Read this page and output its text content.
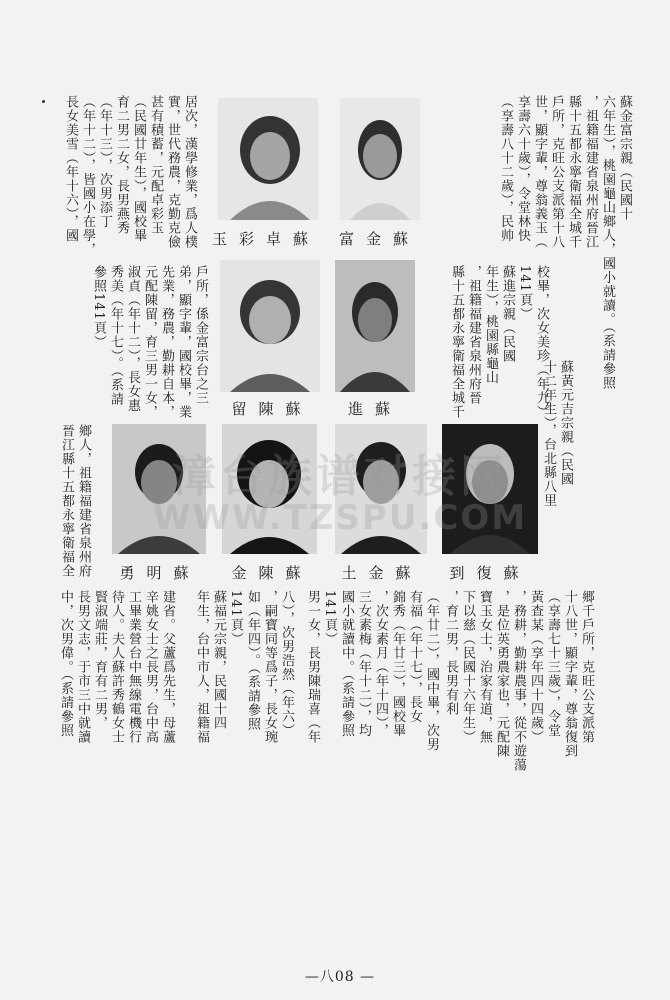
蘇金富宗親（民國十
六年生），桃園龜山鄉人，國小就讀。（系請參照
，祖籍福建省泉州府晉江
縣十五都永寧衛福全城千
戶所，克旺公支派第十八
世，顯字輩，尊翁義玉（
享壽六十歲），令堂林快
（享壽八十二歲），民帅
蘇黃元吉宗親（民國
十二年生），台北縣八里
校畢，次女美珍（年九）
141頁）
蘇進宗親（民國
年生），桃園縣龜山
，祖籍福建省泉州府晉
縣十五都永寧衛福全城千
戶所，係金富宗台之三
弟，顯字輩，國校畢，業
先業，務農，勤耕自本，
元配陳留，育三男一女，
淑貞（年十二），長女惠
秀美（年十七）。（系請
參照141頁）
居次，漢學修業，爲人樸
實，世代務農，克勤克儉
甚有積蓄，元配卓彩玉
（民國廿年生），國校畢
育二男二女，長男燕秀
（年十三），次男添丁
（年十二），皆國小在學，
長女美雪（年十六），國	蘇金富
蘇卓彩玉
蘇進
蘇陳留
蘇復到
蘇金土
蘇陳金
蘇明勇
鄉人，祖籍福建省泉州府
晉江縣十五都永寧衛福全
郷千戶所，克旺公支派第
十八世，顯字輩，尊翁復到
（享壽七十三歲），令堂
黃查某（享年四十四歲）
，務耕，勤耕農事，從不遊蕩
，是位英勇農家也，元配陳
寶玉女士，治家有道，無
下以慈（民國十六年生）
，育二男，長男有利
（年廿二），國中畢，次男
有福（年十七），長女
錦秀（年廿三），國校畢
，次女素月（年十四），
三女素梅（年十二），均
國小就讀中。（系請參照
141頁）
男一女，長男陳瑞喜（年
八），次男浩然（年六）
，嗣寶同等爲子，長女琬
如（年四）。（系請參照
141頁）
蘇福元宗親，民國十四
年生，台中市人，祖籍福
建省。父蘆爲先生，母蘆
辛姚女士之長男，台中高
工畢業營台中無線電機行
待人。夫人蘇許秀鶴女士
賢淑端莊，育有二男，
長男文志，于市三中就讀
中，次男偉。（系請參照
—八08 —
漳台族谱对接网
WWW.TZSPU.COM
